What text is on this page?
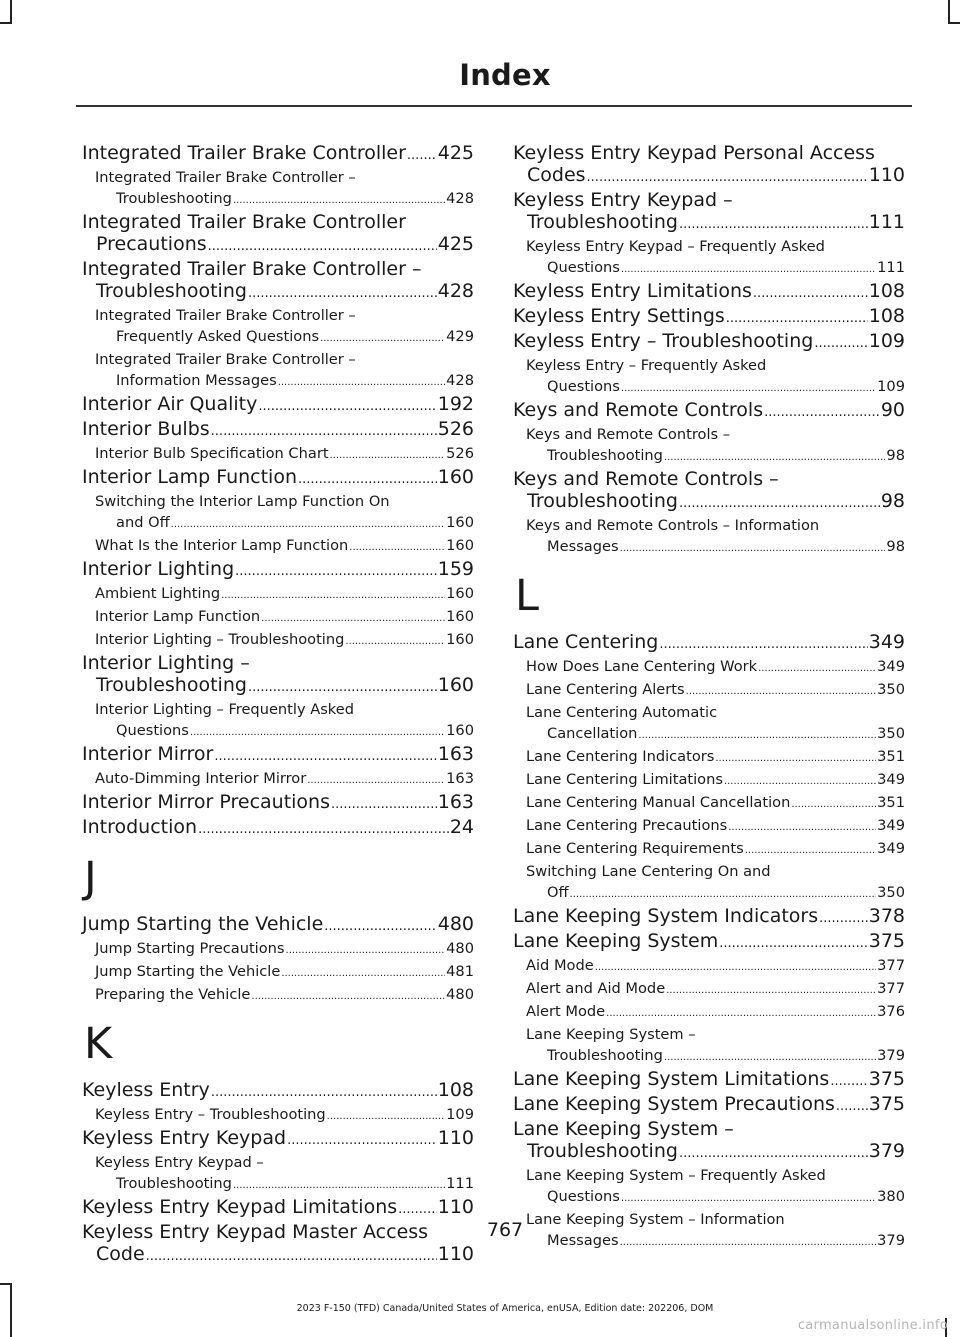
Index
Integrated Trailer Brake Controller ..... 425
Integrated Trailer Brake Controller –
Troubleshooting .....	428
Integrated Trailer Brake Controller
Precautions .....	425
Integrated Trailer Brake Controller –
Troubleshooting .....	428
Integrated Trailer Brake Controller –
Frequently Asked Questions .....	429
Integrated Trailer Brake Controller –
Information Messages .....	428
Interior Air Quality .....	192
Interior Bulbs .....	526
Interior Bulb Specification Chart .....	526
Interior Lamp Function .....	160
Switching the Interior Lamp Function On
and Off .....	160
What Is the Interior Lamp Function .....	160
Interior Lighting .....	159
Ambient Lighting .....	160
Interior Lamp Function .....	160
Interior Lighting – Troubleshooting .....	160
Interior Lighting –
Troubleshooting .....	160
Interior Lighting – Frequently Asked
Questions .....	160
Interior Mirror .....	163
Auto-Dimming Interior Mirror .....	163
Interior Mirror Precautions .....	163
Introduction .....	24
J
Jump Starting the Vehicle .....	480
Jump Starting Precautions .....	480
Jump Starting the Vehicle .....	481
Preparing the Vehicle .....	480
K
Keyless Entry .....	108
Keyless Entry – Troubleshooting .....	109
Keyless Entry Keypad .....	110
Keyless Entry Keypad –
Troubleshooting .....	111
Keyless Entry Keypad Limitations ..... 110
Keyless Entry Keypad Master Access
Code .....	110
Keyless Entry Keypad Personal Access
Codes .....	110
Keyless Entry Keypad –
Troubleshooting .....	111
Keyless Entry Keypad – Frequently Asked
Questions .....	111
Keyless Entry Limitations .....	108
Keyless Entry Settings .....	108
Keyless Entry – Troubleshooting .....	109
Keyless Entry – Frequently Asked
Questions .....	109
Keys and Remote Controls .....	90
Keys and Remote Controls –
Troubleshooting .....	98
Keys and Remote Controls –
Troubleshooting .....	98
Keys and Remote Controls – Information
Messages .....	98
L
Lane Centering .....	349
How Does Lane Centering Work .....	349
Lane Centering Alerts .....	350
Lane Centering Automatic
Cancellation .....	350
Lane Centering Indicators .....	351
Lane Centering Limitations .....	349
Lane Centering Manual Cancellation .....	351
Lane Centering Precautions .....	349
Lane Centering Requirements .....	349
Switching Lane Centering On and
Off .....	350
Lane Keeping System Indicators .....	378
Lane Keeping System .....	375
Aid Mode .....	377
Alert and Aid Mode .....	377
Alert Mode .....	376
Lane Keeping System –
Troubleshooting .....	379
Lane Keeping System Limitations ..... 375
Lane Keeping System Precautions ..... 375
Lane Keeping System –
Troubleshooting .....	379
Lane Keeping System – Frequently Asked
Questions .....	380
Lane Keeping System – Information
Messages .....	379
767
2023 F-150 (TFD) Canada/United States of America, enUSA, Edition date: 202206, DOM
carmanualsonline.info
